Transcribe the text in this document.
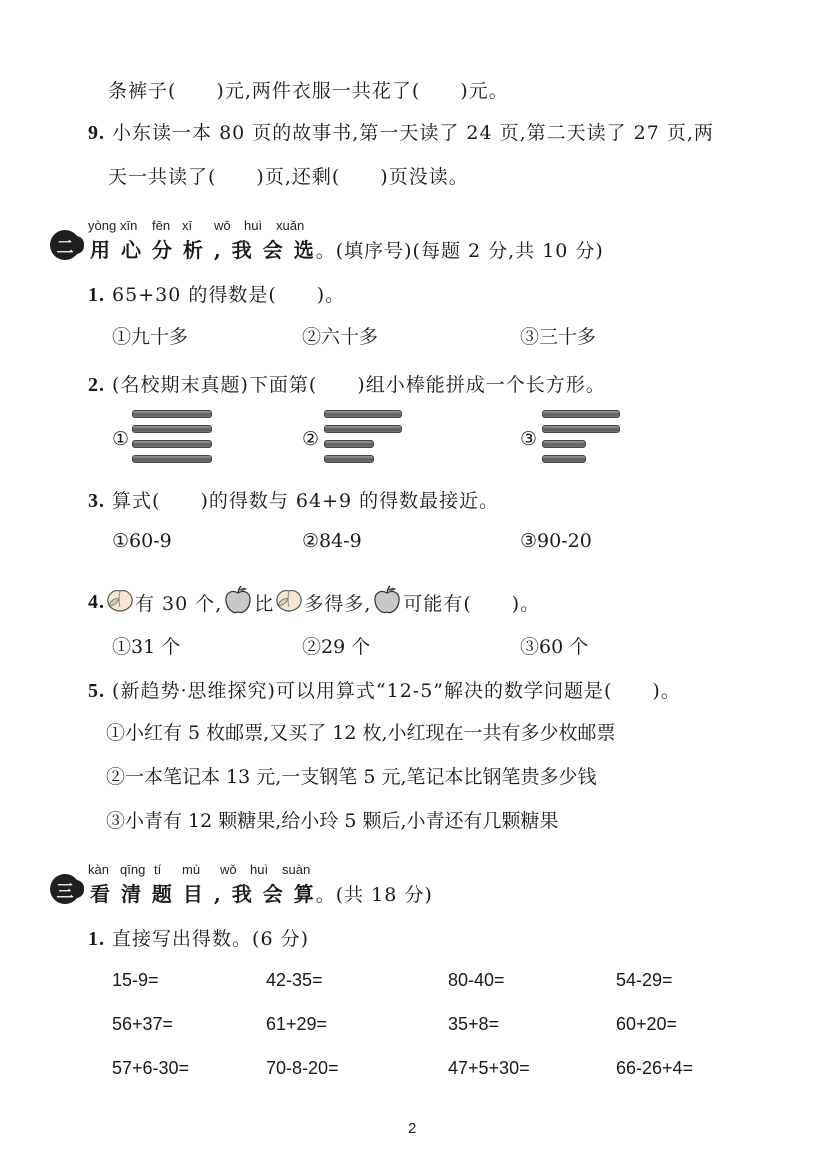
条裤子(　　)元,两件衣服一共花了(　　)元。
9. 小东读一本 80 页的故事书,第一天读了 24 页,第二天读了 27 页,两
天一共读了(　　)页,还剩(　　)页没读。
yòng xīn	fēn xī	wǒ	huì	xuǎn
二 用 心 分 析 , 我 会 选。(填序号)(每题 2 分,共 10 分)
1. 65+30 的得数是(　　)。
①九十多	②六十多	③三十多
2. (名校期末真题)下面第(　　)组小棒能拼成一个长方形。
①	②	③
3. 算式(　　)的得数与 64+9 的得数最接近。
①60-9	②84-9	③90-20
4. 有 30 个, 比 多得多, 可能有(　　)。
①31 个	②29 个	③60 个
5. (新趋势·思维探究)可以用算式“12-5”解决的数学问题是(　　)。
①小红有 5 枚邮票,又买了 12 枚,小红现在一共有多少枚邮票
②一本笔记本 13 元,一支钢笔 5 元,笔记本比钢笔贵多少钱
③小青有 12 颗糖果,给小玲 5 颗后,小青还有几颗糖果
kàn qīng tí	mù	wǒ	huì	suàn
三 看 清 题 目 , 我 会 算。(共 18 分)
1. 直接写出得数。(6 分)
15-9=	42-35=	80-40=	54-29=
56+37=	61+29=	35+8=	60+20=
57+6-30=	70-8-20=	47+5+30=	66-26+4=
2
